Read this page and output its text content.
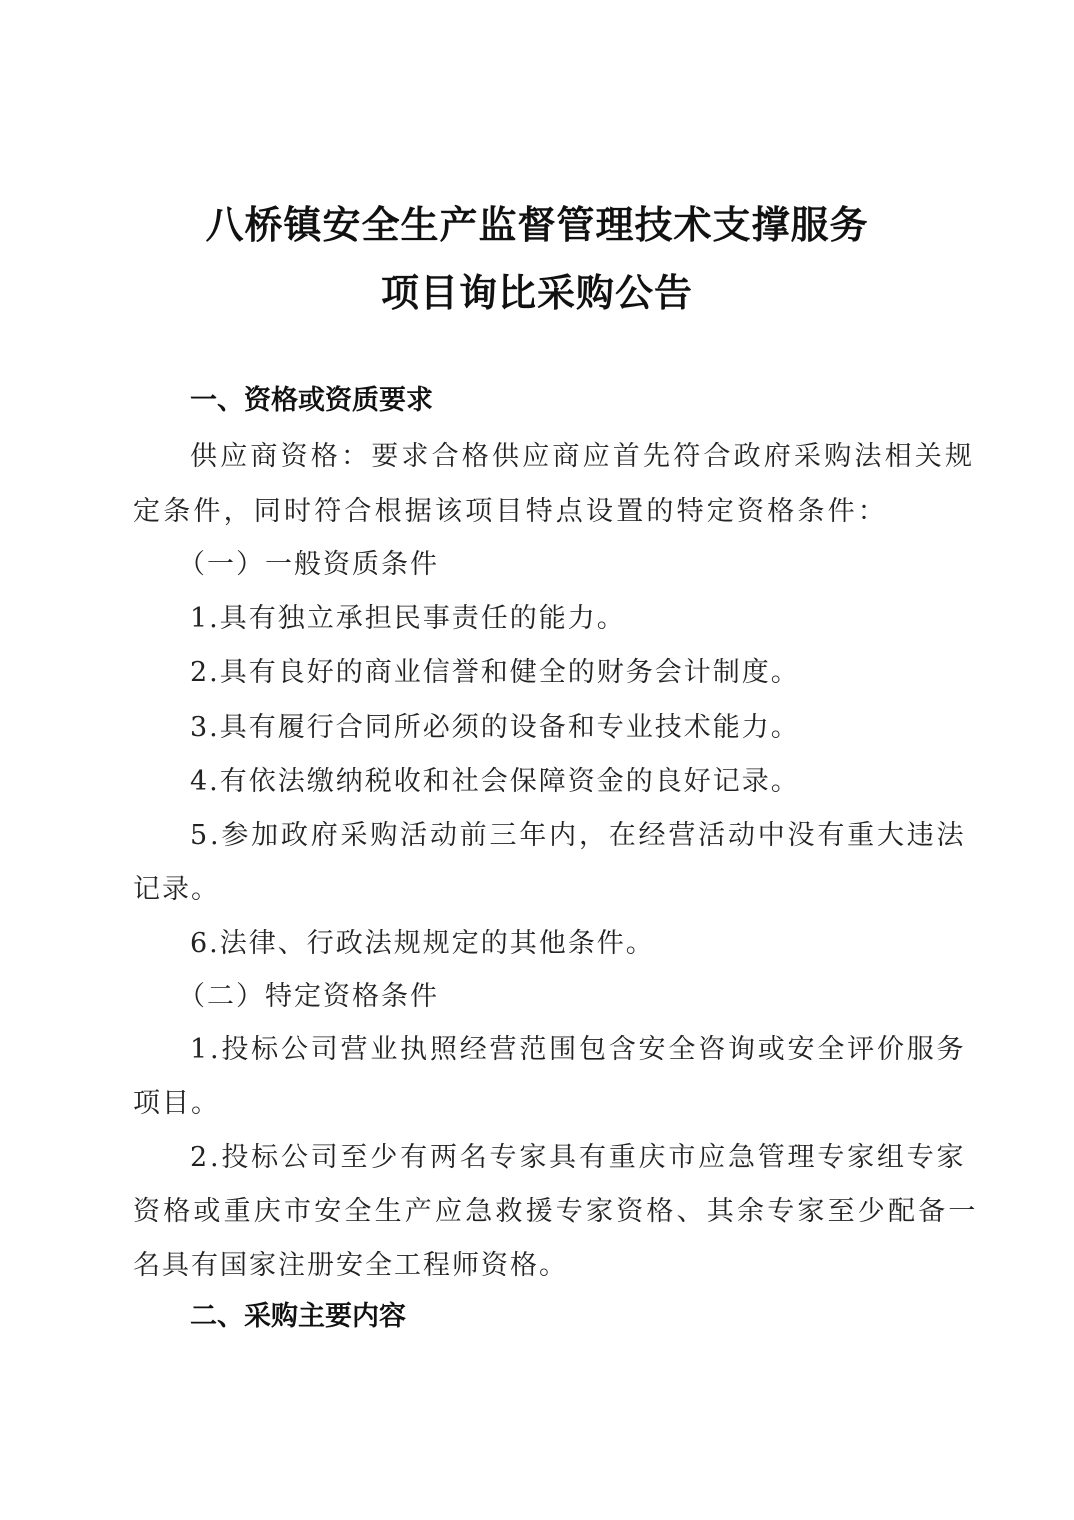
八桥镇安全生产监督管理技术支撑服务
项目询比采购公告
一、资格或资质要求
供应商资格：要求合格供应商应首先符合政府采购法相关规
定条件，同时符合根据该项目特点设置的特定资格条件：
（一）一般资质条件
1.具有独立承担民事责任的能力。
2.具有良好的商业信誉和健全的财务会计制度。
3.具有履行合同所必须的设备和专业技术能力。
4.有依法缴纳税收和社会保障资金的良好记录。
5.参加政府采购活动前三年内，在经营活动中没有重大违法
记录。
6.法律、行政法规规定的其他条件。
（二）特定资格条件
1.投标公司营业执照经营范围包含安全咨询或安全评价服务
项目。
2.投标公司至少有两名专家具有重庆市应急管理专家组专家
资格或重庆市安全生产应急救援专家资格、其余专家至少配备一
名具有国家注册安全工程师资格。
二、采购主要内容
